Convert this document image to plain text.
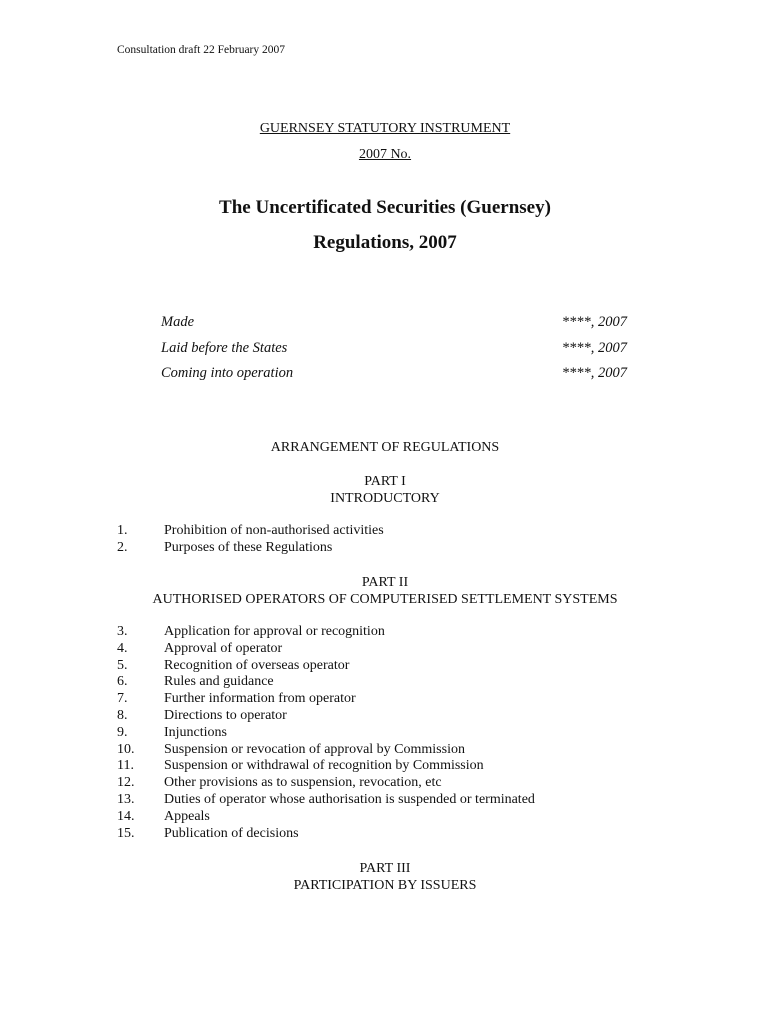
Consultation draft 22 February 2007
GUERNSEY STATUTORY INSTRUMENT
2007 No.
The Uncertificated Securities (Guernsey)
Regulations, 2007
Made	****, 2007
Laid before the States	****, 2007
Coming into operation	****, 2007
ARRANGEMENT OF REGULATIONS
PART I
INTRODUCTORY
1.	Prohibition of non-authorised activities
2.	Purposes of these Regulations
PART II
AUTHORISED OPERATORS OF COMPUTERISED SETTLEMENT SYSTEMS
3.	Application for approval or recognition
4.	Approval of operator
5.	Recognition of overseas operator
6.	Rules and guidance
7.	Further information from operator
8.	Directions to operator
9.	Injunctions
10.	Suspension or revocation of approval by Commission
11.	Suspension or withdrawal of recognition by Commission
12.	Other provisions as to suspension, revocation, etc
13.	Duties of operator whose authorisation is suspended or terminated
14.	Appeals
15.	Publication of decisions
PART III
PARTICIPATION BY ISSUERS
